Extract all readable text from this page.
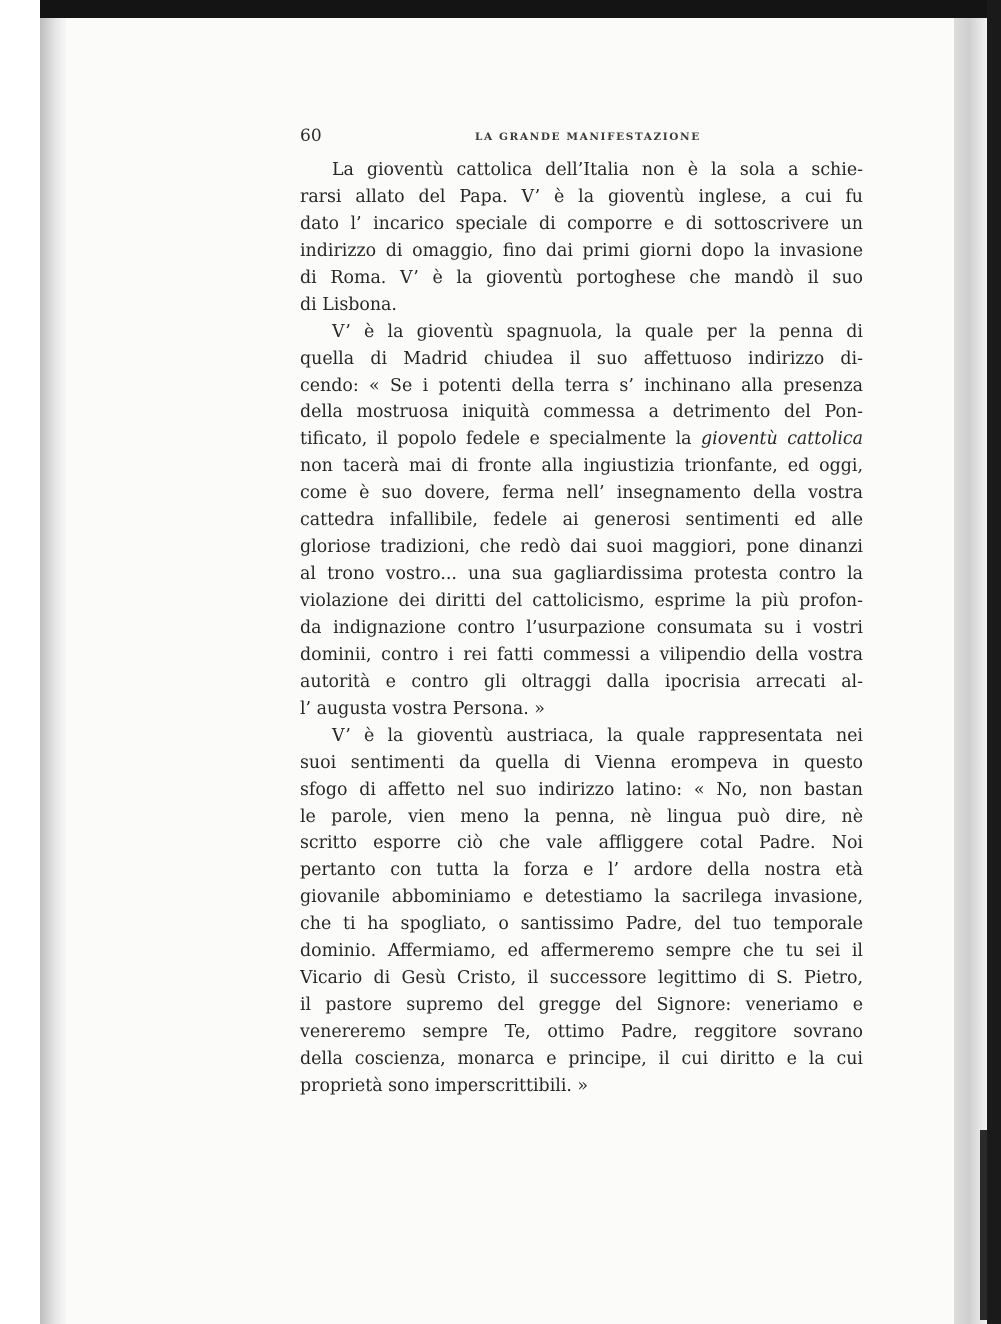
60	LA GRANDE MANIFESTAZIONE
La gioventù cattolica dell’Italia non è la sola a schie-
rarsi allato del Papa. V’ è la gioventù inglese, a cui fu
dato l’ incarico speciale di comporre e di sottoscrivere un
indirizzo di omaggio, fino dai primi giorni dopo la invasione
di Roma. V’ è la gioventù portoghese che mandò il suo
di Lisbona.
V’ è la gioventù spagnuola, la quale per la penna di
quella di Madrid chiudea il suo affettuoso indirizzo di-
cendo: « Se i potenti della terra s’ inchinano alla presenza
della mostruosa iniquità commessa a detrimento del Pon-
tificato, il popolo fedele e specialmente la gioventù cattolica
non tacerà mai di fronte alla ingiustizia trionfante, ed oggi,
come è suo dovere, ferma nell’ insegnamento della vostra
cattedra infallibile, fedele ai generosi sentimenti ed alle
gloriose tradizioni, che redò dai suoi maggiori, pone dinanzi
al trono vostro... una sua gagliardissima protesta contro la
violazione dei diritti del cattolicismo, esprime la più profon-
da indignazione contro l’usurpazione consumata su i vostri
dominii, contro i rei fatti commessi a vilipendio della vostra
autorità e contro gli oltraggi dalla ipocrisia arrecati al-
l’ augusta vostra Persona. »
V’ è la gioventù austriaca, la quale rappresentata nei
suoi sentimenti da quella di Vienna erompeva in questo
sfogo di affetto nel suo indirizzo latino: « No, non bastan
le parole, vien meno la penna, nè lingua può dire, nè
scritto esporre ciò che vale affliggere cotal Padre. Noi
pertanto con tutta la forza e l’ ardore della nostra età
giovanile abbominiamo e detestiamo la sacrilega invasione,
che ti ha spogliato, o santissimo Padre, del tuo temporale
dominio. Affermiamo, ed affermeremo sempre che tu sei il
Vicario di Gesù Cristo, il successore legittimo di S. Pietro,
il pastore supremo del gregge del Signore: veneriamo e
venereremo sempre Te, ottimo Padre, reggitore sovrano
della coscienza, monarca e principe, il cui diritto e la cui
proprietà sono imperscrittibili. »
